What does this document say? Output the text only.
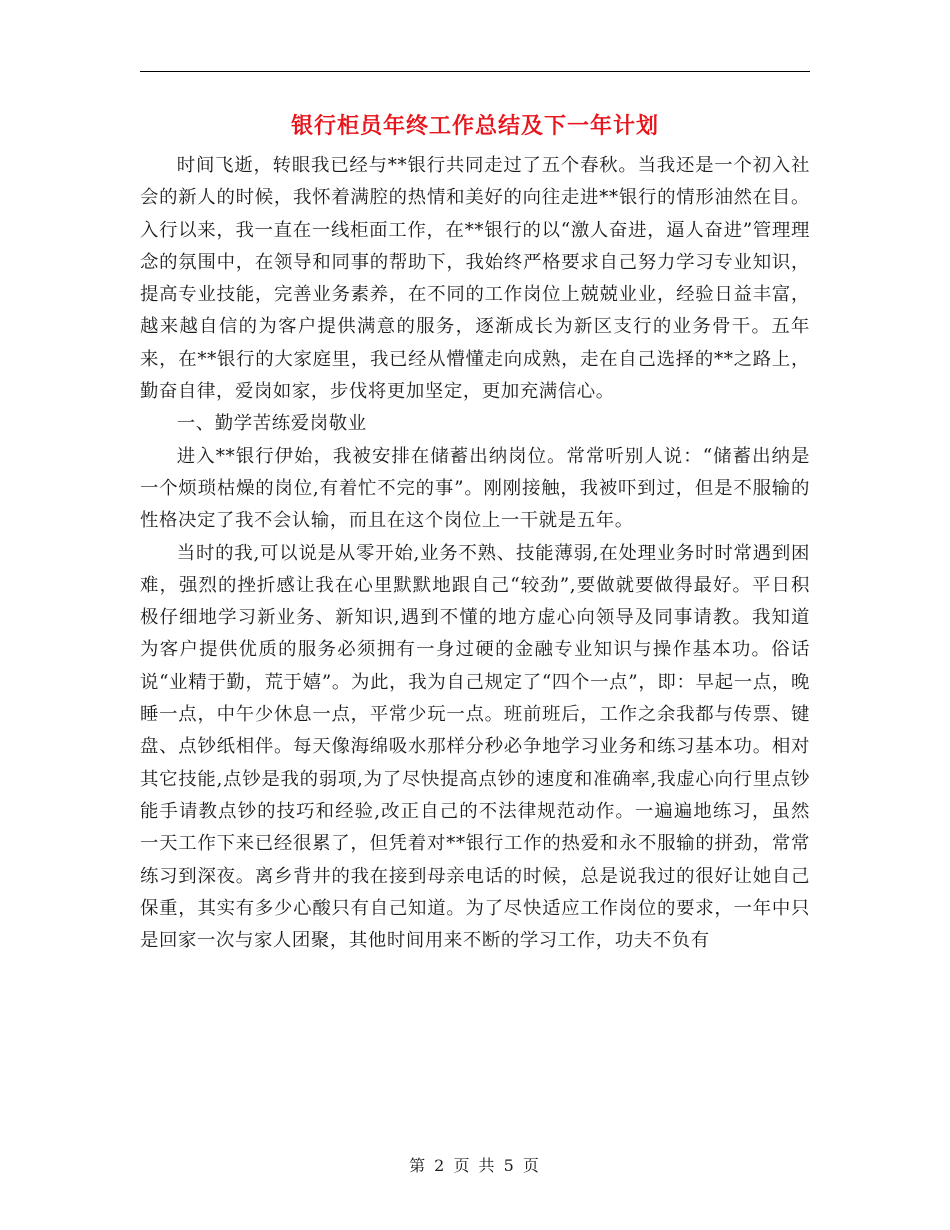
银行柜员年终工作总结及下一年计划

时间飞逝，转眼我已经与**银行共同走过了五个春秋。当我还是一个初入社会的新人的时候，我怀着满腔的热情和美好的向往走进**银行的情形油然在目。入行以来，我一直在一线柜面工作，在**银行的以“激人奋进，逼人奋进”管理理念的氛围中，在领导和同事的帮助下，我始终严格要求自己努力学习专业知识，提高专业技能，完善业务素养，在不同的工作岗位上兢兢业业，经验日益丰富，越来越自信的为客户提供满意的服务，逐渐成长为新区支行的业务骨干。五年来，在**银行的大家庭里，我已经从懵懂走向成熟，走在自己选择的**之路上，勤奋自律，爱岗如家，步伐将更加坚定，更加充满信心。

一、勤学苦练爱岗敬业

进入**银行伊始，我被安排在储蓄出纳岗位。常常听别人说：“储蓄出纳是一个烦琐枯燥的岗位,有着忙不完的事”。刚刚接触，我被吓到过，但是不服输的性格决定了我不会认输，而且在这个岗位上一干就是五年。

当时的我,可以说是从零开始,业务不熟、技能薄弱,在处理业务时时常遇到困难，强烈的挫折感让我在心里默默地跟自己“较劲”,要做就要做得最好。平日积极仔细地学习新业务、新知识,遇到不懂的地方虚心向领导及同事请教。我知道为客户提供优质的服务必须拥有一身过硬的金融专业知识与操作基本功。俗话说“业精于勤，荒于嬉”。为此，我为自己规定了“四个一点”，即：早起一点，晚睡一点，中午少休息一点，平常少玩一点。班前班后，工作之余我都与传票、键盘、点钞纸相伴。每天像海绵吸水那样分秒必争地学习业务和练习基本功。相对其它技能,点钞是我的弱项,为了尽快提高点钞的速度和准确率,我虚心向行里点钞能手请教点钞的技巧和经验,改正自己的不法律规范动作。一遍遍地练习，虽然一天工作下来已经很累了，但凭着对**银行工作的热爱和永不服输的拼劲，常常练习到深夜。离乡背井的我在接到母亲电话的时候，总是说我过的很好让她自己保重，其实有多少心酸只有自己知道。为了尽快适应工作岗位的要求，一年中只是回家一次与家人团聚，其他时间用来不断的学习工作，功夫不负有

第 2 页 共 5 页
